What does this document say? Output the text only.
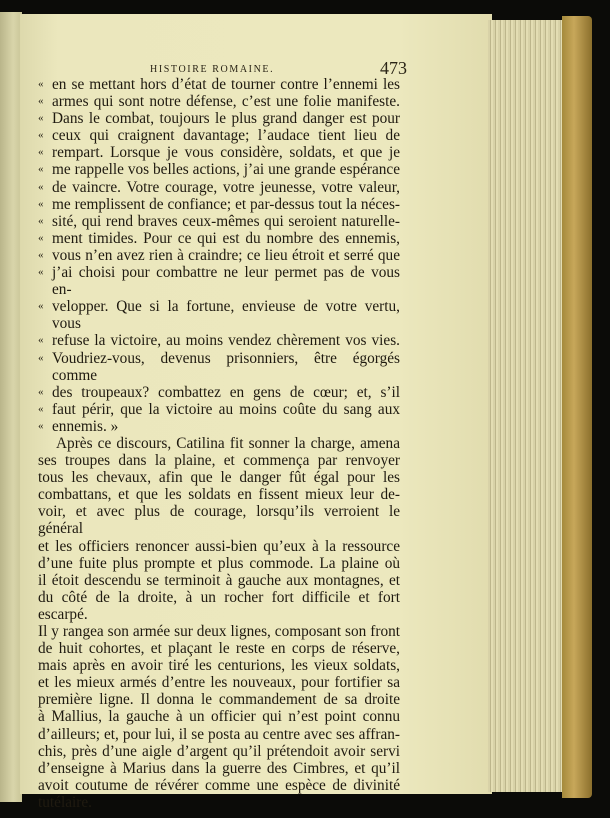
HISTOIRE ROMAINE.	473
« en se mettant hors d’état de tourner contre l’ennemi les
« armes qui sont notre défense, c’est une folie manifeste.
« Dans le combat, toujours le plus grand danger est pour
« ceux qui craignent davantage; l’audace tient lieu de
« rempart. Lorsque je vous considère, soldats, et que je
« me rappelle vos belles actions, j’ai une grande espérance
« de vaincre. Votre courage, votre jeunesse, votre valeur,
« me remplissent de confiance; et par-dessus tout la néces-
« sité, qui rend braves ceux-mêmes qui seroient naturelle-
« ment timides. Pour ce qui est du nombre des ennemis,
« vous n’en avez rien à craindre; ce lieu étroit et serré que
« j’ai choisi pour combattre ne leur permet pas de vous en-
« velopper. Que si la fortune, envieuse de votre vertu, vous
« refuse la victoire, au moins vendez chèrement vos vies.
« Voudriez-vous, devenus prisonniers, être égorgés comme
« des troupeaux? combattez en gens de cœur; et, s’il
« faut périr, que la victoire au moins coûte du sang aux
« ennemis. »
Après ce discours, Catilina fit sonner la charge, amena
ses troupes dans la plaine, et commença par renvoyer
tous les chevaux, afin que le danger fût égal pour les
combattans, et que les soldats en fissent mieux leur de-
voir, et avec plus de courage, lorsqu’ils verroient le général
et les officiers renoncer aussi-bien qu’eux à la ressource
d’une fuite plus prompte et plus commode. La plaine où
il étoit descendu se terminoit à gauche aux montagnes, et
du côté de la droite, à un rocher fort difficile et fort escarpé.
Il y rangea son armée sur deux lignes, composant son front
de huit cohortes, et plaçant le reste en corps de réserve,
mais après en avoir tiré les centurions, les vieux soldats,
et les mieux armés d’entre les nouveaux, pour fortifier sa
première ligne. Il donna le commandement de sa droite
à Mallius, la gauche à un officier qui n’est point connu
d’ailleurs; et, pour lui, il se posta au centre avec ses affran-
chis, près d’une aigle d’argent qu’il prétendoit avoir servi
d’enseigne à Marius dans la guerre des Cimbres, et qu’il
avoit coutume de révérer comme une espèce de divinité
tutélaire.
